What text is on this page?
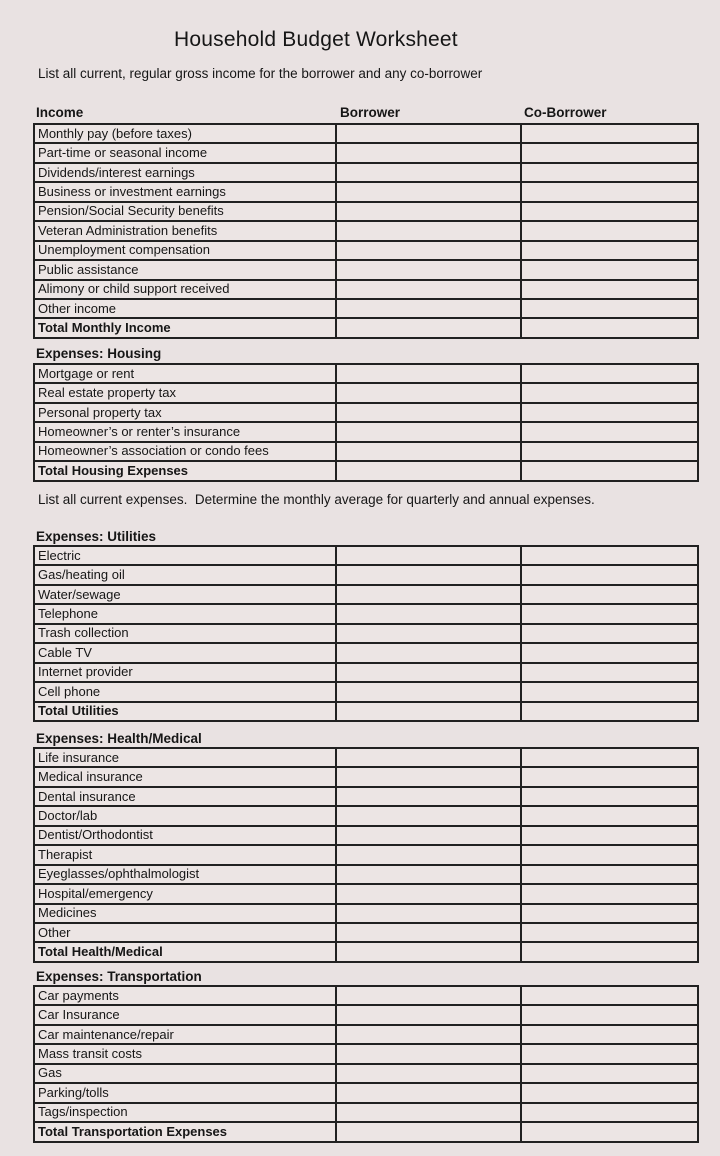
Household Budget Worksheet

List all current, regular gross income for the borrower and any co-borrower

Income	Borrower	Co-Borrower
Monthly pay (before taxes)		
Part-time or seasonal income		
Dividends/interest earnings		
Business or investment earnings		
Pension/Social Security benefits		
Veteran Administration benefits		
Unemployment compensation		
Public assistance		
Alimony or child support received		
Other income		
Total Monthly Income		
Expenses: Housing
Mortgage or rent		
Real estate property tax		
Personal property tax		
Homeowner’s or renter’s insurance		
Homeowner’s association or condo fees		
Total Housing Expenses		

List all current expenses.  Determine the monthly average for quarterly and annual expenses.

Expenses: Utilities
Electric		
Gas/heating oil		
Water/sewage		
Telephone		
Trash collection		
Cable TV		
Internet provider		
Cell phone		
Total Utilities		
Expenses: Health/Medical
Life insurance		
Medical insurance		
Dental insurance		
Doctor/lab		
Dentist/Orthodontist		
Therapist		
Eyeglasses/ophthalmologist		
Hospital/emergency		
Medicines		
Other		
Total Health/Medical		
Expenses: Transportation
Car payments		
Car Insurance		
Car maintenance/repair		
Mass transit costs		
Gas		
Parking/tolls		
Tags/inspection		
Total Transportation Expenses		
